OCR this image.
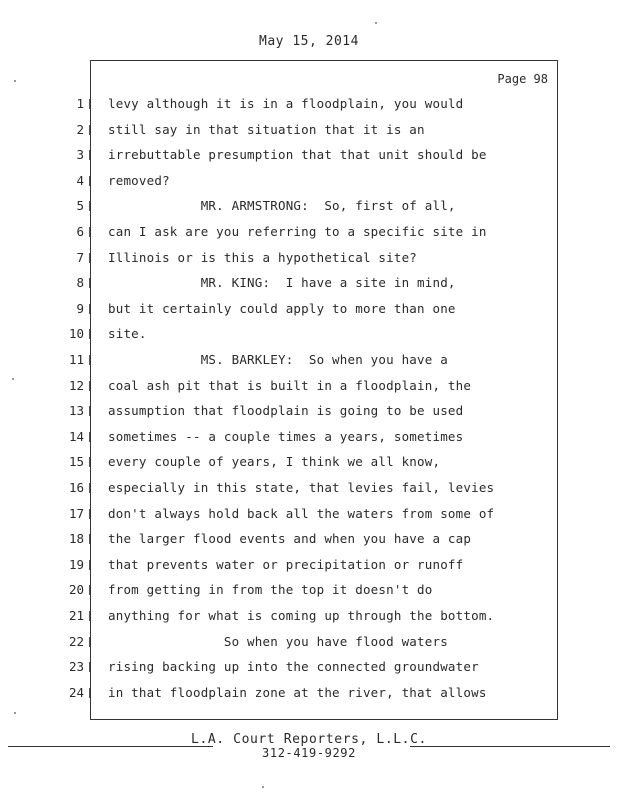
May 15, 2014
Page 98
1 levy although it is in a floodplain, you would
2 still say in that situation that it is an
3 irrebuttable presumption that that unit should be
4 removed?
5 MR. ARMSTRONG:  So, first of all,
6 can I ask are you referring to a specific site in
7 Illinois or is this a hypothetical site?
8 MR. KING:  I have a site in mind,
9 but it certainly could apply to more than one
10 site.
11 MS. BARKLEY:  So when you have a
12 coal ash pit that is built in a floodplain, the
13 assumption that floodplain is going to be used
14 sometimes -- a couple times a years, sometimes
15 every couple of years, I think we all know,
16 especially in this state, that levies fail, levies
17 don't always hold back all the waters from some of
18 the larger flood events and when you have a cap
19 that prevents water or precipitation or runoff
20 from getting in from the top it doesn't do
21 anything for what is coming up through the bottom.
22 So when you have flood waters
23 rising backing up into the connected groundwater
24 in that floodplain zone at the river, that allows
L.A. Court Reporters, L.L.C.
312-419-9292
